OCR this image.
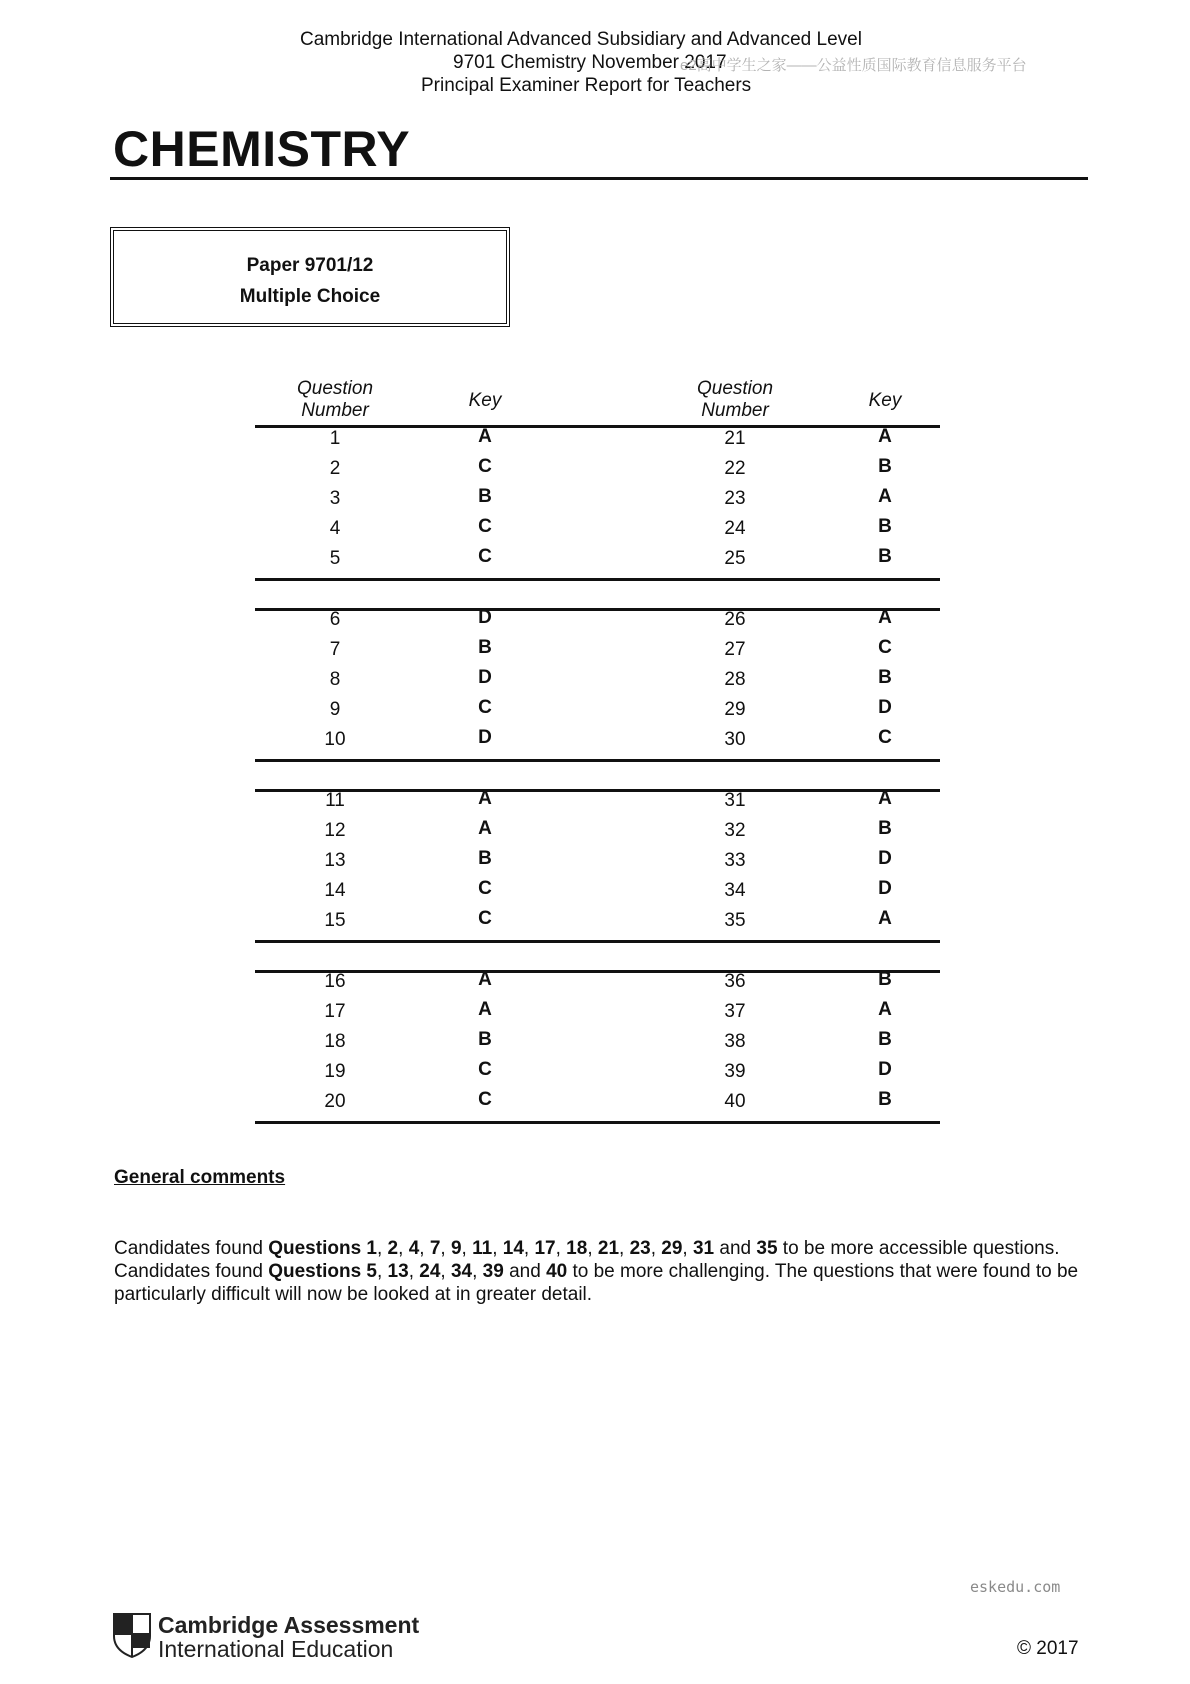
Cambridge International Advanced Subsidiary and Advanced Level
9701 Chemistry November 2017
Principal Examiner Report for Teachers
e2高中学生之家——公益性质国际教育信息服务平台
CHEMISTRY
Paper 9701/12
Multiple Choice
Question
Number	Key
Question
Number	Key
1	A	21	A
2	C	22	B
3	B	23	A
4	C	24	B
5	C	25	B
6	D	26	A
7	B	27	C
8	D	28	B
9	C	29	D
10	D	30	C
11	A	31	A
12	A	32	B
13	B	33	D
14	C	34	D
15	C	35	A
16	A	36	B
17	A	37	A
18	B	38	B
19	C	39	D
20	C	40	B
General comments
Candidates found Questions 1, 2, 4, 7, 9, 11, 14, 17, 18, 21, 23, 29, 31 and 35 to be more accessible questions. Candidates found Questions 5, 13, 24, 34, 39 and 40 to be more challenging. The questions that were found to be particularly difficult will now be looked at in greater detail.
eskedu.com
Cambridge Assessment
International Education	© 2017
